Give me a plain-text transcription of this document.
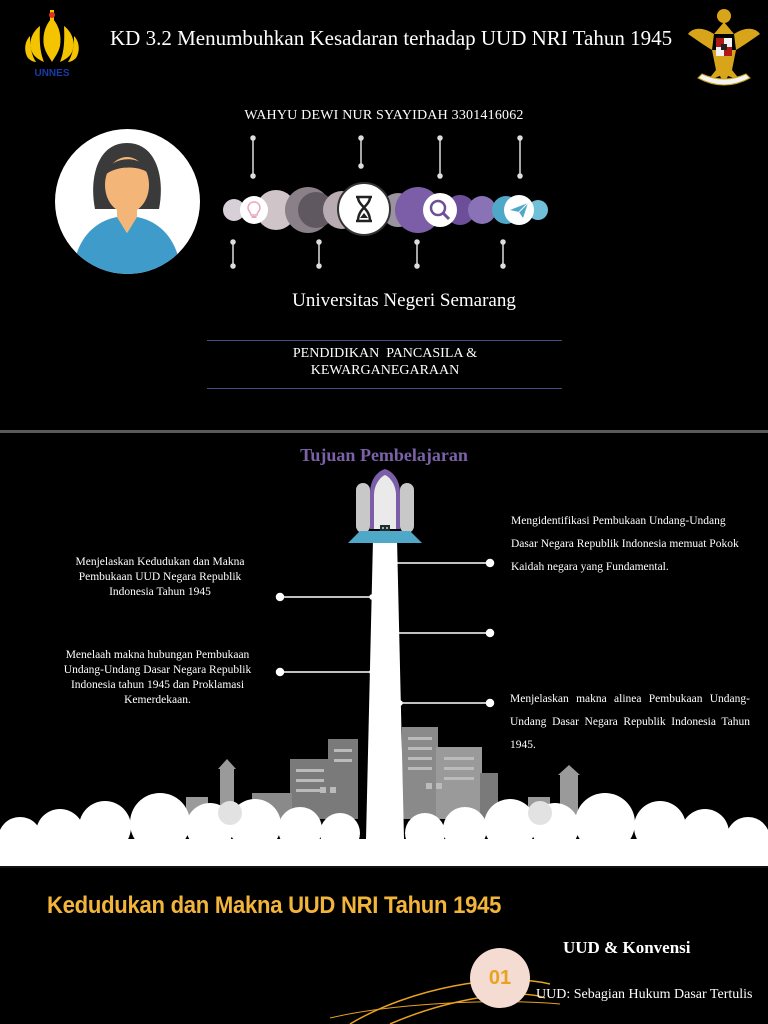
UNNES
KD 3.2 Menumbuhkan Kesadaran terhadap UUD NRI Tahun 1945
WAHYU DEWI NUR SYAYIDAH 3301416062
Universitas Negeri Semarang
PENDIDIKAN  PANCASILA &
KEWARGANEGARAAN
Tujuan Pembelajaran
Menjelaskan Kedudukan dan Makna Pembukaan UUD Negara Republik Indonesia Tahun 1945
Menelaah makna hubungan Pembukaan Undang-Undang Dasar Negara Republik Indonesia tahun 1945 dan Proklamasi Kemerdekaan.
Mengidentifikasi Pembukaan Undang-Undang Dasar Negara Republik Indonesia memuat Pokok Kaidah negara yang Fundamental.
Menjelaskan makna alinea Pembukaan Undang-Undang Dasar Negara Republik Indonesia Tahun 1945.
Kedudukan dan Makna UUD NRI Tahun 1945
01
UUD & Konvensi
UUD: Sebagian Hukum Dasar Tertulis
